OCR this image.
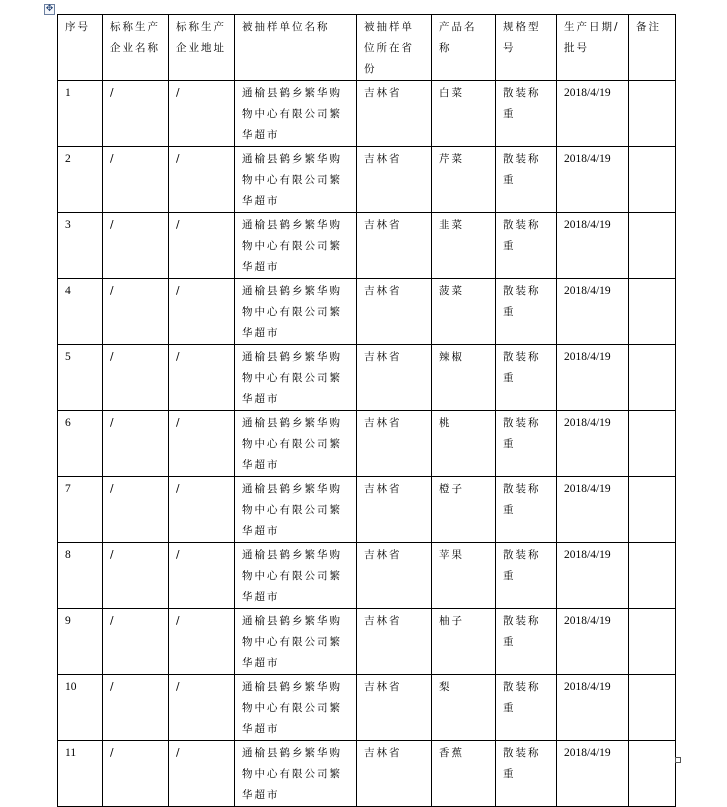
✥
序号	标称生产企业名称	标称生产企业地址	被抽样单位名称	被抽样单位所在省份	产品名称	规格型号	生产日期/批号	备注
1	/	/	通榆县鹤乡繁华购物中心有限公司繁华超市	吉林省	白菜	散装称重	2018/4/19	
2	/	/	通榆县鹤乡繁华购物中心有限公司繁华超市	吉林省	芹菜	散装称重	2018/4/19	
3	/	/	通榆县鹤乡繁华购物中心有限公司繁华超市	吉林省	韭菜	散装称重	2018/4/19	
4	/	/	通榆县鹤乡繁华购物中心有限公司繁华超市	吉林省	菠菜	散装称重	2018/4/19	
5	/	/	通榆县鹤乡繁华购物中心有限公司繁华超市	吉林省	辣椒	散装称重	2018/4/19	
6	/	/	通榆县鹤乡繁华购物中心有限公司繁华超市	吉林省	桃	散装称重	2018/4/19	
7	/	/	通榆县鹤乡繁华购物中心有限公司繁华超市	吉林省	橙子	散装称重	2018/4/19	
8	/	/	通榆县鹤乡繁华购物中心有限公司繁华超市	吉林省	苹果	散装称重	2018/4/19	
9	/	/	通榆县鹤乡繁华购物中心有限公司繁华超市	吉林省	柚子	散装称重	2018/4/19	
10	/	/	通榆县鹤乡繁华购物中心有限公司繁华超市	吉林省	梨	散装称重	2018/4/19	
11	/	/	通榆县鹤乡繁华购物中心有限公司繁华超市	吉林省	香蕉	散装称重	2018/4/19	
